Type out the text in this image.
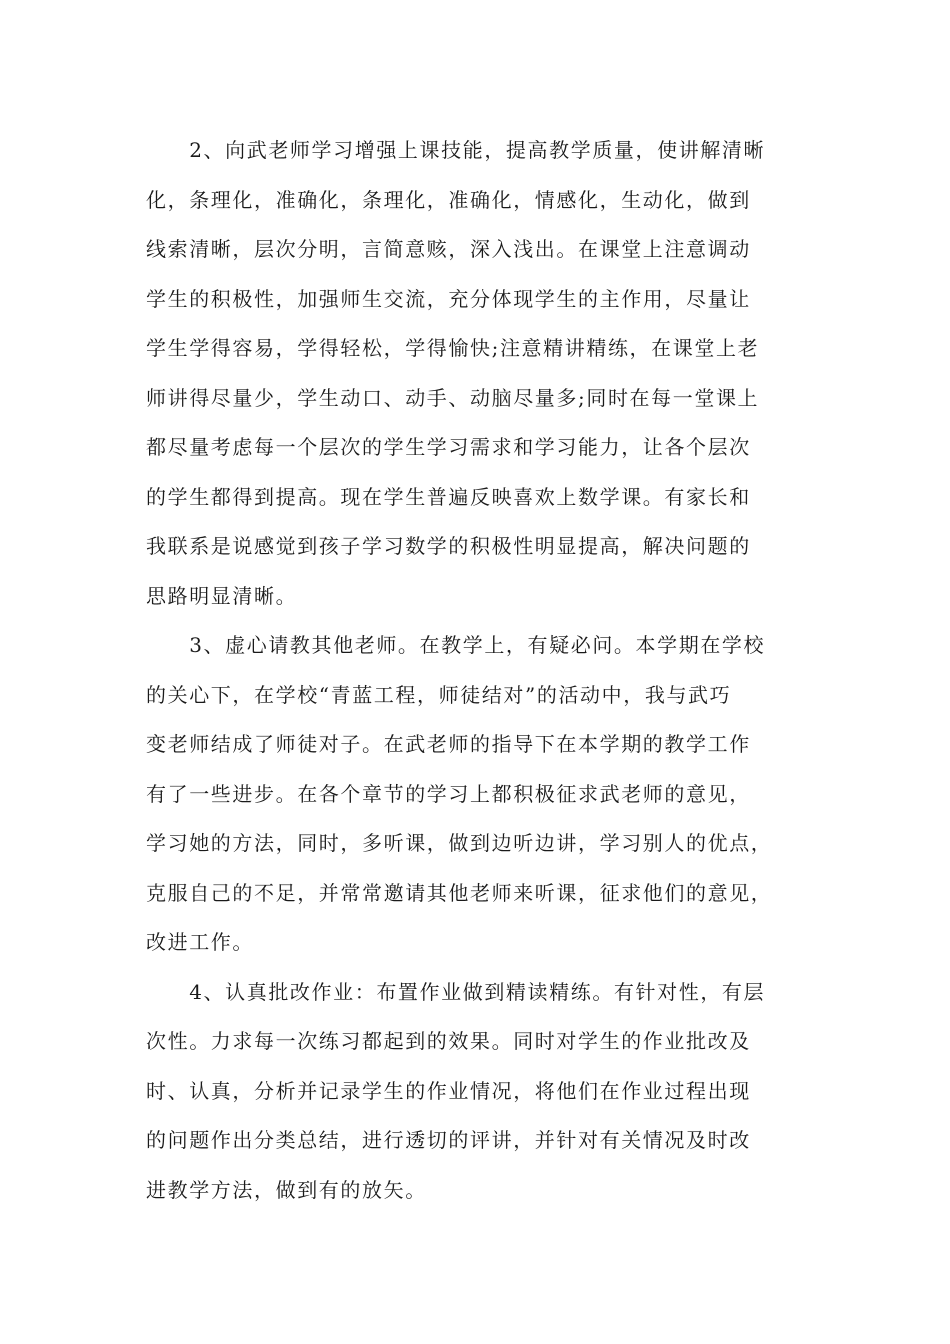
　　2、向武老师学习增强上课技能，提高教学质量，使讲解清晰
化，条理化，准确化，条理化，准确化，情感化，生动化，做到
线索清晰，层次分明，言简意赅，深入浅出。在课堂上注意调动
学生的积极性，加强师生交流，充分体现学生的主作用，尽量让
学生学得容易，学得轻松，学得愉快;注意精讲精练，在课堂上老
师讲得尽量少，学生动口、动手、动脑尽量多;同时在每一堂课上
都尽量考虑每一个层次的学生学习需求和学习能力，让各个层次
的学生都得到提高。现在学生普遍反映喜欢上数学课。有家长和
我联系是说感觉到孩子学习数学的积极性明显提高，解决问题的
思路明显清晰。
　　3、虚心请教其他老师。在教学上，有疑必问。本学期在学校
的关心下，在学校“青蓝工程，师徒结对”的活动中，我与武巧
变老师结成了师徒对子。在武老师的指导下在本学期的教学工作
有了一些进步。在各个章节的学习上都积极征求武老师的意见，
学习她的方法，同时，多听课，做到边听边讲，学习别人的优点，
克服自己的不足，并常常邀请其他老师来听课，征求他们的意见，
改进工作。
　　4、认真批改作业：布置作业做到精读精练。有针对性，有层
次性。力求每一次练习都起到的效果。同时对学生的作业批改及
时、认真，分析并记录学生的作业情况，将他们在作业过程出现
的问题作出分类总结，进行透切的评讲，并针对有关情况及时改
进教学方法，做到有的放矢。
